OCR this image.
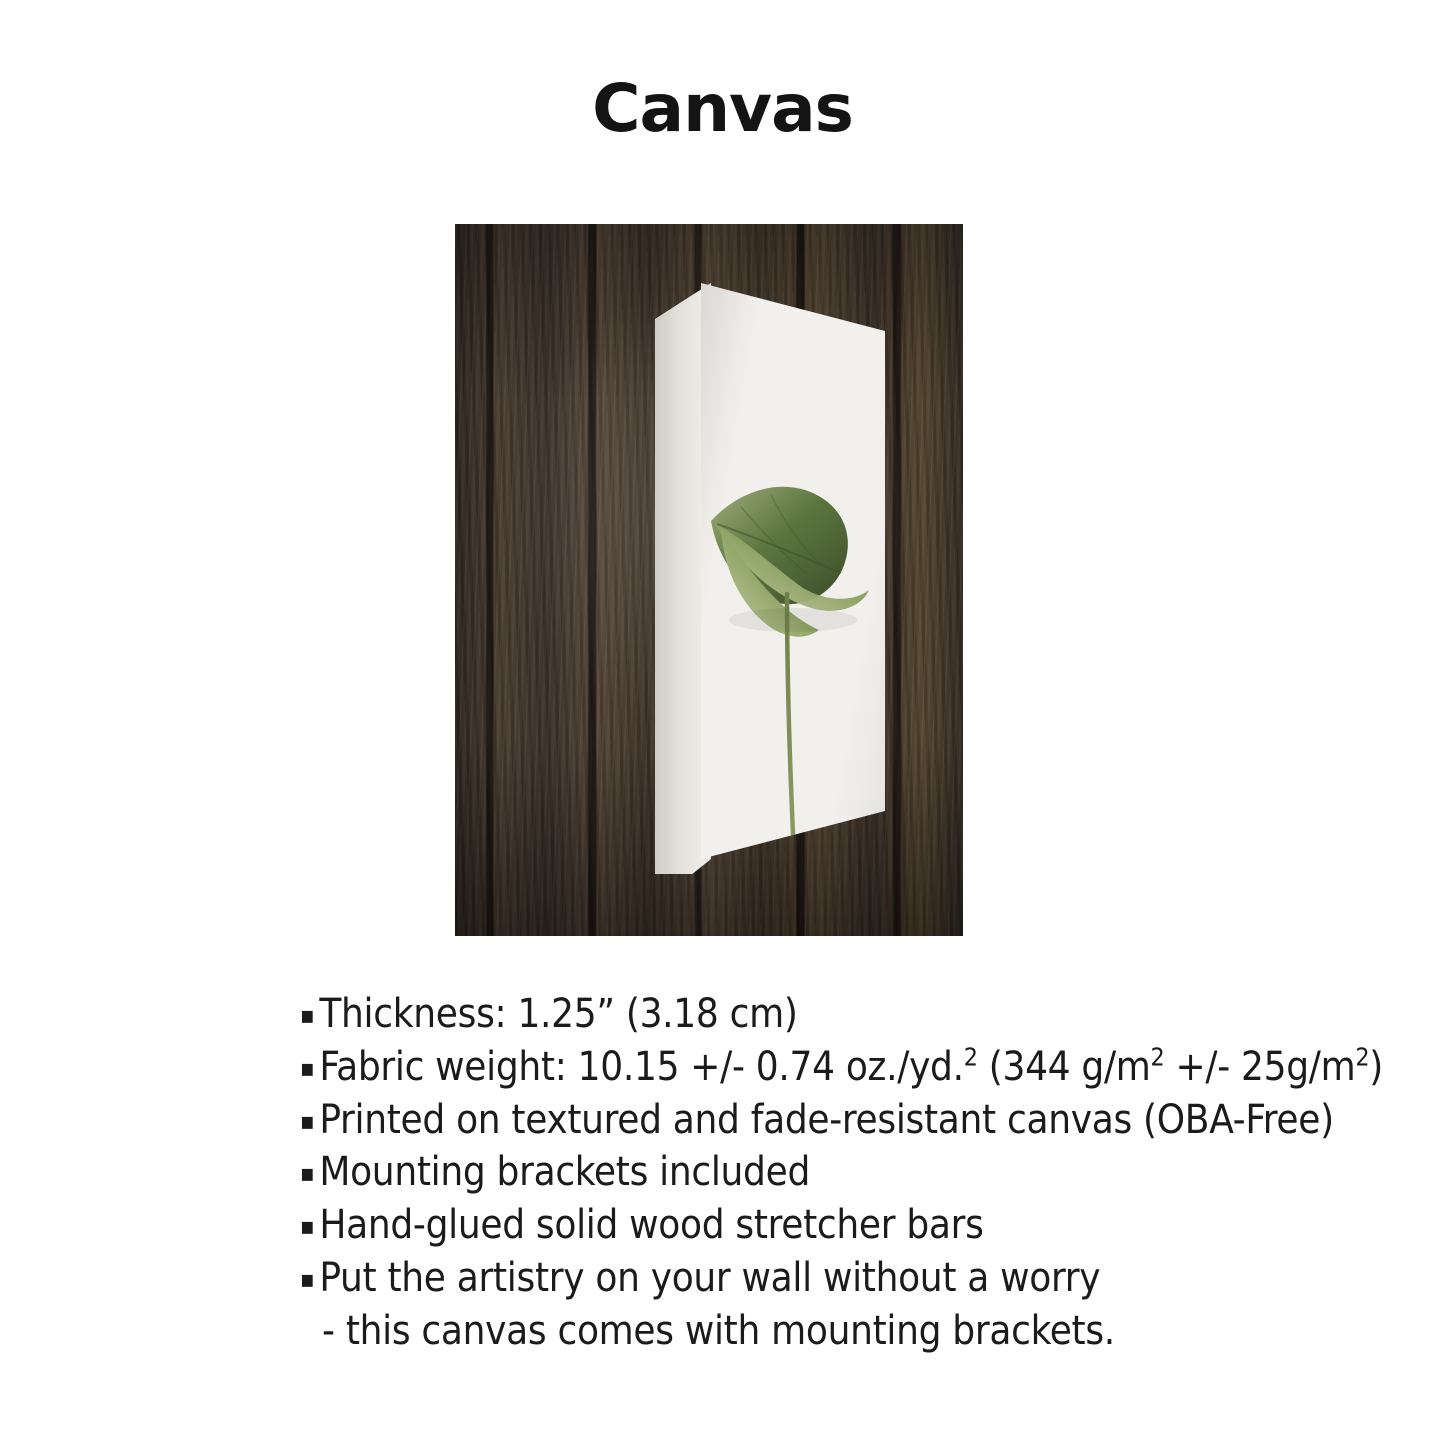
Canvas
▪ Thickness: 1.25” (3.18 cm)
▪ Fabric weight: 10.15 +/- 0.74 oz./yd.$^2$ (344 $g/m^2$ +/- $25g/m^2$)
▪ Printed on textured and fade-resistant canvas (OBA-Free)
▪ Mounting brackets included
▪ Hand-glued solid wood stretcher bars
▪ Put the artistry on your wall without a worry
- this canvas comes with mounting brackets.
